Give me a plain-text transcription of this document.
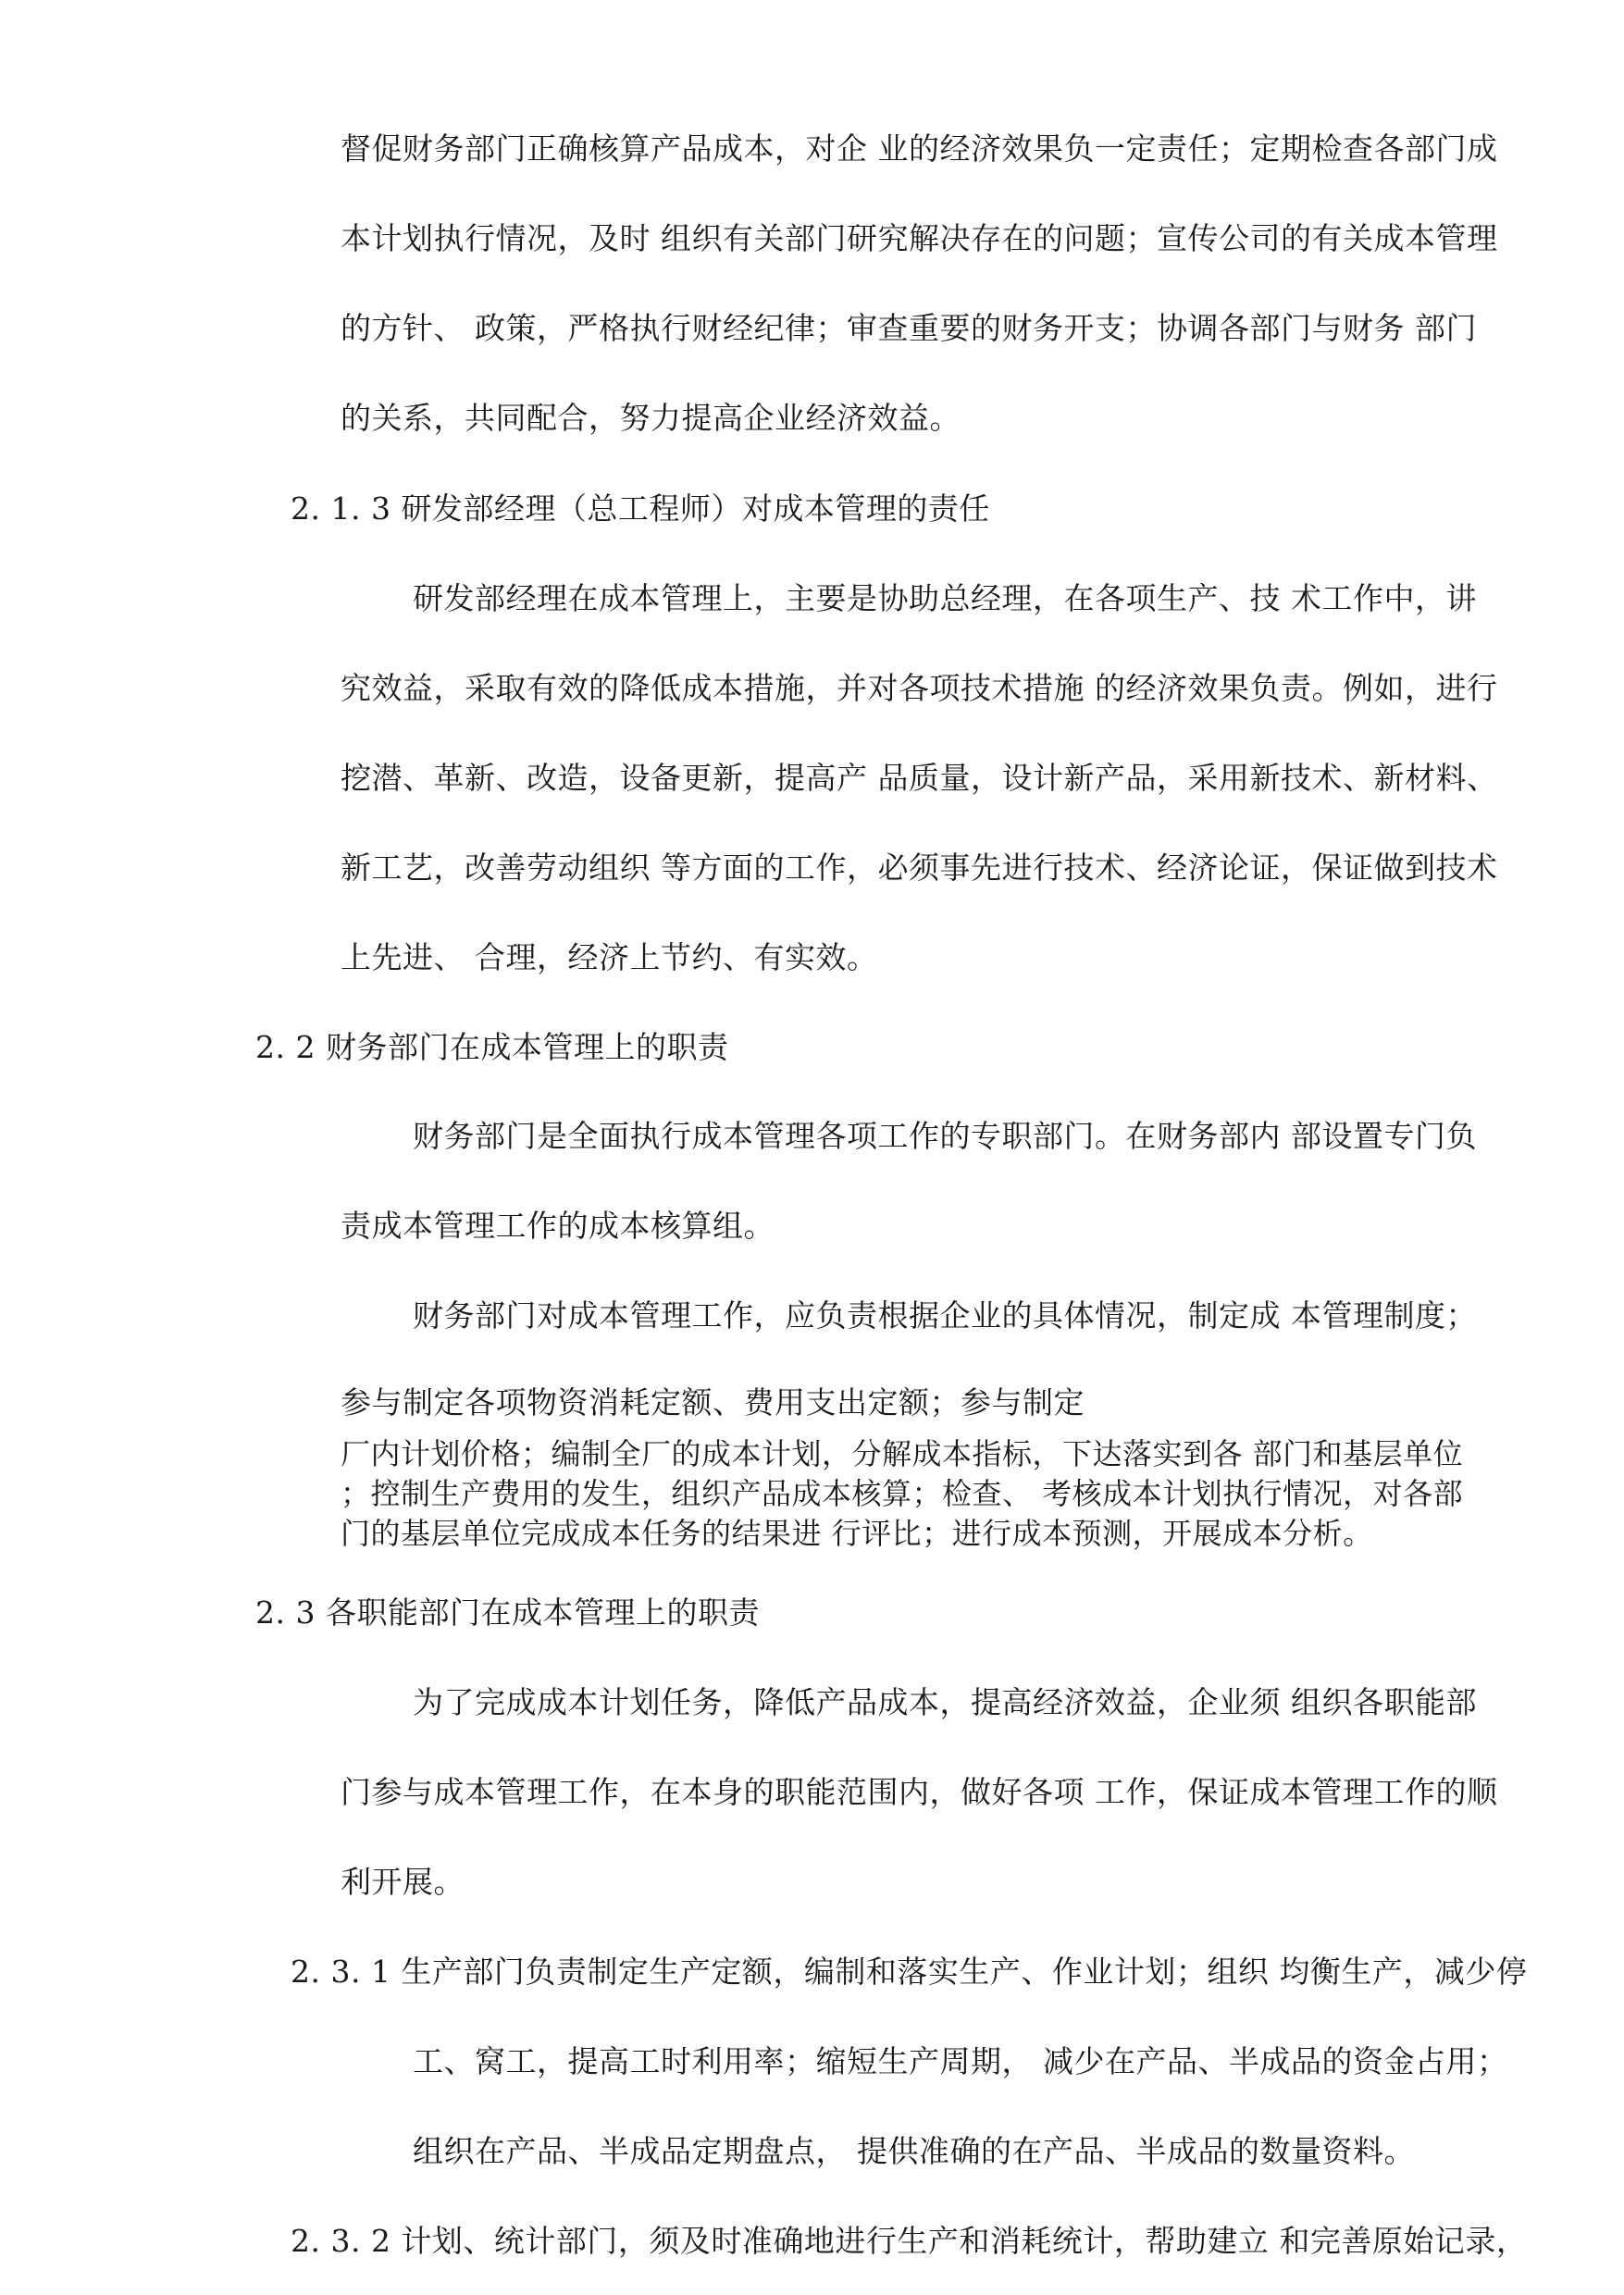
督促财务部门正确核算产品成本，对企 业的经济效果负一定责任；定期检查各部门成
本计划执行情况，及时 组织有关部门研究解决存在的问题；宣传公司的有关成本管理
的方针、 政策，严格执行财经纪律；审查重要的财务开支；协调各部门与财务 部门
的关系，共同配合，努力提高企业经济效益。
2. 1. 3 研发部经理（总工程师）对成本管理的责任
研发部经理在成本管理上，主要是协助总经理，在各项生产、技 术工作中，讲
究效益，采取有效的降低成本措施，并对各项技术措施 的经济效果负责。例如，进行
挖潜、革新、改造，设备更新，提高产 品质量，设计新产品，采用新技术、新材料、
新工艺，改善劳动组织 等方面的工作，必须事先进行技术、经济论证，保证做到技术
上先进、 合理，经济上节约、有实效。
2. 2 财务部门在成本管理上的职责
财务部门是全面执行成本管理各项工作的专职部门。在财务部内 部设置专门负
责成本管理工作的成本核算组。
财务部门对成本管理工作，应负责根据企业的具体情况，制定成 本管理制度；
参与制定各项物资消耗定额、费用支出定额；参与制定
厂内计划价格；编制全厂的成本计划，分解成本指标，下达落实到各 部门和基层单位
；控制生产费用的发生，组织产品成本核算；检查、 考核成本计划执行情况，对各部
门的基层单位完成成本任务的结果进 行评比；进行成本预测，开展成本分析。
2. 3 各职能部门在成本管理上的职责
为了完成成本计划任务，降低产品成本，提高经济效益，企业须 组织各职能部
门参与成本管理工作，在本身的职能范围内，做好各项 工作，保证成本管理工作的顺
利开展。
2. 3. 1 生产部门负责制定生产定额，编制和落实生产、作业计划；组织 均衡生产，减少停
工、窝工，提高工时利用率；缩短生产周期， 减少在产品、半成品的资金占用；
组织在产品、半成品定期盘点， 提供准确的在产品、半成品的数量资料。
2. 3. 2 计划、统计部门，须及时准确地进行生产和消耗统计，帮助建立 和完善原始记录，
